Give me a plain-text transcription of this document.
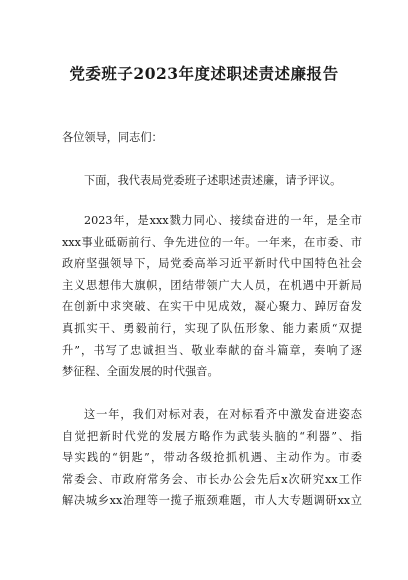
党委班子2023年度述职述责述廉报告
各位领导，同志们：
下面，我代表局党委班子述职述责述廉，请予评议。
2023年，是xxx戮力同心、接续奋进的一年，是全市
xxx事业砥砺前行、争先进位的一年。一年来，在市委、市
政府坚强领导下，局党委高举习近平新时代中国特色社会
主义思想伟大旗帜，团结带领广大人员，在机遇中开新局
在创新中求突破、在实干中见成效，凝心聚力、踔厉奋发
真抓实干、勇毅前行，实现了队伍形象、能力素质“双提
升”，书写了忠诚担当、敬业奉献的奋斗篇章，奏响了逐
梦征程、全面发展的时代强音。
这一年，我们对标对表，在对标看齐中激发奋进姿态
自觉把新时代党的发展方略作为武装头脑的“利器”、指
导实践的“钥匙”，带动各级抢抓机遇、主动作为。市委
常委会、市政府常务会、市长办公会先后x次研究xx工作
解决城乡xx治理等一揽子瓶颈难题，市人大专题调研xx立
